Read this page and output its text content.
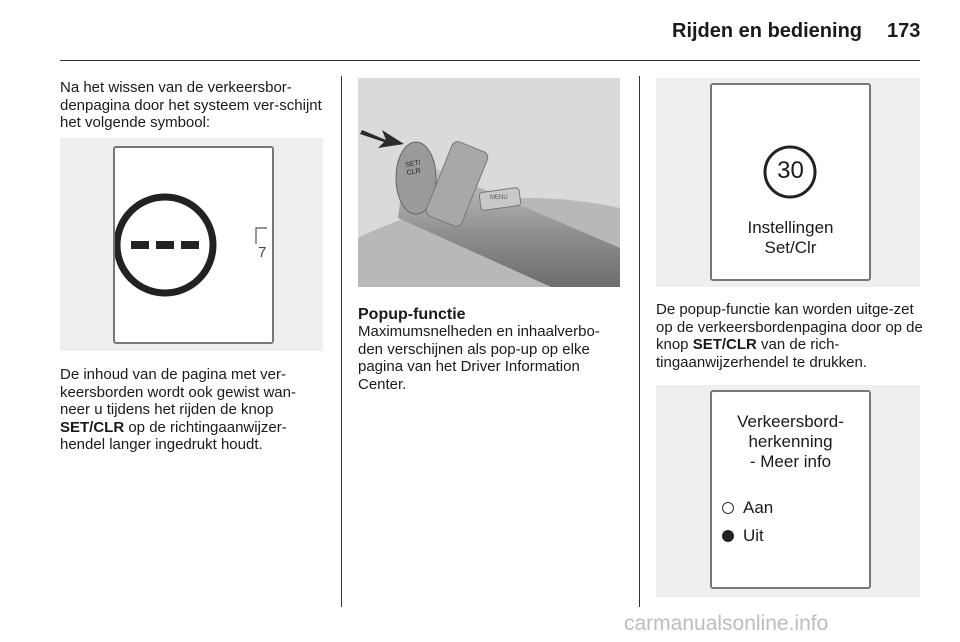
Rijden en bediening 173

Na het wissen van de verkeersbor-denpagina door het systeem ver-schijnt het volgende symbool:

7

De inhoud van de pagina met ver-keersborden wordt ook gewist wan-neer u tijdens het rijden de knop SET/CLR op de richtingaanwijzer-hendel langer ingedrukt houdt.

SET/ CLR
MENU
Popup-functie

Maximumsnelheden en inhaalverbo-den verschijnen als pop-up op elke pagina van het Driver Information Center.

30
Instellingen
Set/Clr

De popup-functie kan worden uitge-zet op de verkeersbordenpagina door op de knop SET/CLR van de rich-tingaanwijzerhendel te drukken.

Verkeersbord-
herkenning
- Meer info
Aan
Uit
carmanualsonline.info
